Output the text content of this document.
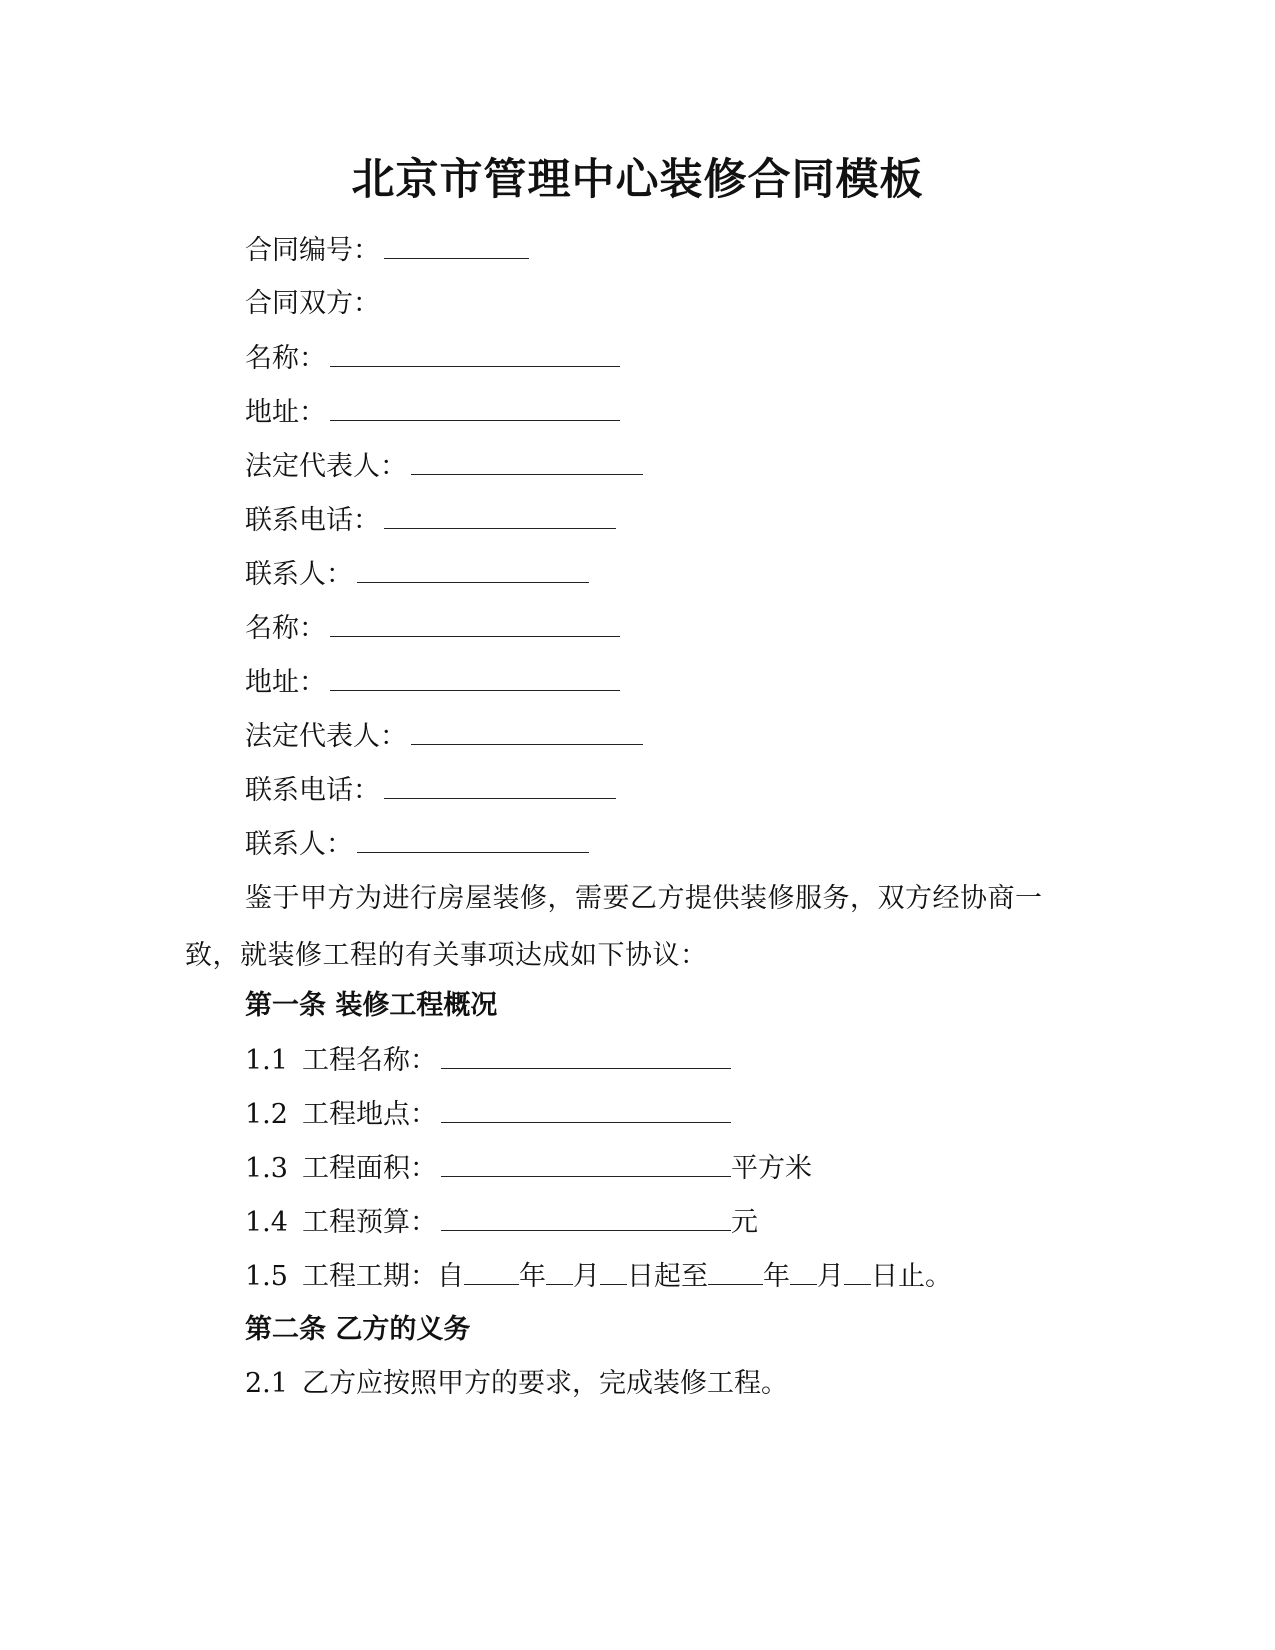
北京市管理中心装修合同模板
合同编号：
合同双方：
名称：
地址：
法定代表人：
联系电话：
联系人：
名称：
地址：
法定代表人：
联系电话：
联系人：
鉴于甲方为进行房屋装修，需要乙方提供装修服务，双方经协商一致，就装修工程的有关事项达成如下协议：
第一条 装修工程概况
1.1 工程名称：
1.2 工程地点：
1.3 工程面积：	平方米
1.4 工程预算：	元
1.5 工程工期：自 年 月 日起至 年 月 日止。
第二条 乙方的义务
2.1 乙方应按照甲方的要求，完成装修工程。
